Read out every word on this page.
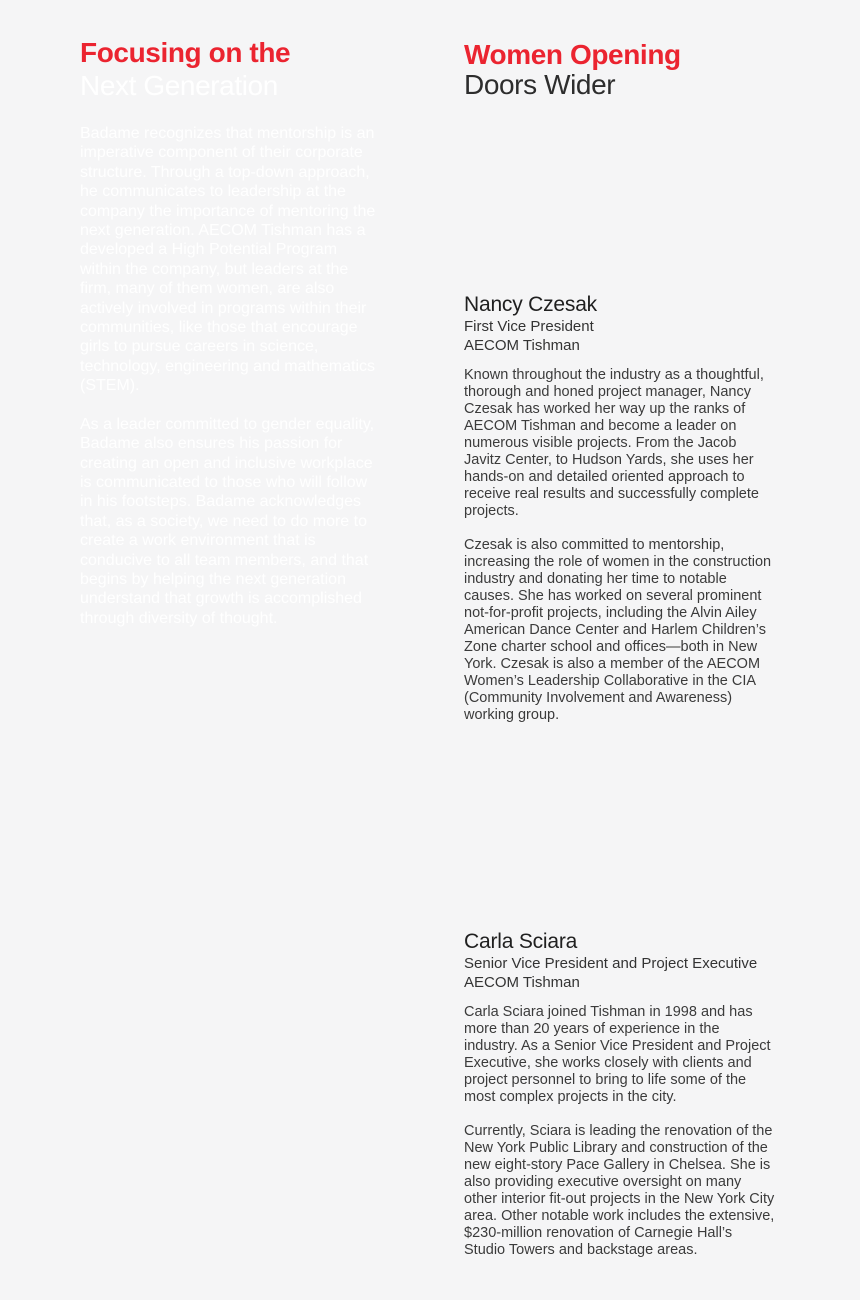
Focusing on the
Next Generation

Badame recognizes that mentorship is an imperative component of their corporate structure. Through a top-down approach, he communicates to leadership at the company the importance of mentoring the next generation. AECOM Tishman has a developed a High Potential Program within the company, but leaders at the firm, many of them women, are also actively involved in programs within their communities, like those that encourage girls to pursue careers in science, technology, engineering and mathematics (STEM).

As a leader committed to gender equality, Badame also ensures his passion for creating an open and inclusive workplace is communicated to those who will follow in his footsteps. Badame acknowledges that, as a society, we need to do more to create a work environment that is conducive to all team members, and that begins by helping the next generation understand that growth is accomplished through diversity of thought.

Women Opening
Doors Wider
Nancy Czesak
First Vice President
AECOM Tishman

Known throughout the industry as a thoughtful, thorough and honed project manager, Nancy Czesak has worked her way up the ranks of AECOM Tishman and become a leader on numerous visible projects. From the Jacob Javitz Center, to Hudson Yards, she uses her hands-on and detailed oriented approach to receive real results and successfully complete projects.

Czesak is also committed to mentorship, increasing the role of women in the construction industry and donating her time to notable causes. She has worked on several prominent not-for-profit projects, including the Alvin Ailey American Dance Center and Harlem Children’s Zone charter school and offices—both in New York. Czesak is also a member of the AECOM Women’s Leadership Collaborative in the CIA (Community Involvement and Awareness) working group.

Carla Sciara
Senior Vice President and Project Executive
AECOM Tishman

Carla Sciara joined Tishman in 1998 and has more than 20 years of experience in the industry. As a Senior Vice President and Project Executive, she works closely with clients and project personnel to bring to life some of the most complex projects in the city.

Currently, Sciara is leading the renovation of the New York Public Library and construction of the new eight-story Pace Gallery in Chelsea. She is also providing executive oversight on many other interior fit-out projects in the New York City area. Other notable work includes the extensive, $230-million renovation of Carnegie Hall’s Studio Towers and backstage areas.
